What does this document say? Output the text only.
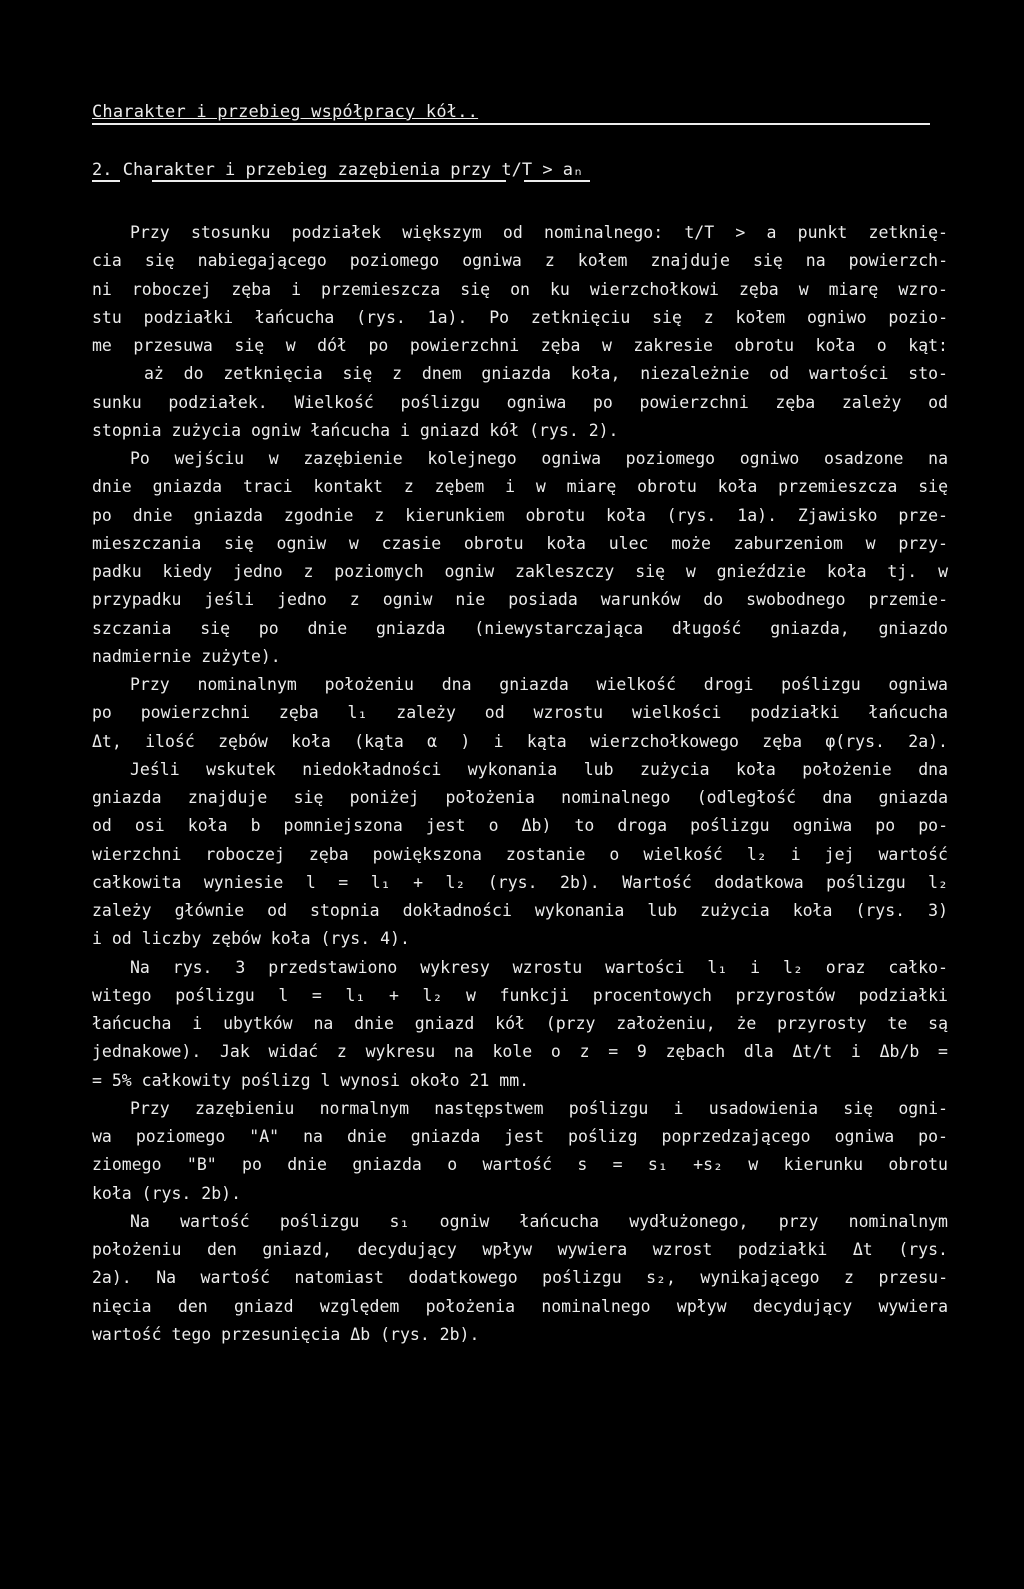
Charakter i przebieg współpracy kół..
2. Charakter i przebieg zazębienia przy t/T > aₙ
Przy stosunku podziałek większym od nominalnego: t/T > a punkt zetknię-
cia się nabiegającego poziomego ogniwa z kołem znajduje się na powierzch-
ni roboczej zęba i przemieszcza się on ku wierzchołkowi zęba w miarę wzro-
stu podziałki łańcucha (rys. 1a). Po zetknięciu się z kołem ogniwo pozio-
me przesuwa się w dół po powierzchni zęba w zakresie obrotu koła o kąt:
aż do zetknięcia się z dnem gniazda koła, niezależnie od wartości sto-
sunku podziałek. Wielkość poślizgu ogniwa po powierzchni zęba zależy od
stopnia zużycia ogniw łańcucha i gniazd kół (rys. 2).
Po wejściu w zazębienie kolejnego ogniwa poziomego ogniwo osadzone na
dnie gniazda traci kontakt z zębem i w miarę obrotu koła przemieszcza się
po dnie gniazda zgodnie z kierunkiem obrotu koła (rys. 1a). Zjawisko prze-
mieszczania się ogniw w czasie obrotu koła ulec może zaburzeniom w przy-
padku kiedy jedno z poziomych ogniw zakleszczy się w gnieździe koła tj. w
przypadku jeśli jedno z ogniw nie posiada warunków do swobodnego przemie-
szczania się po dnie gniazda (niewystarczająca długość gniazda, gniazdo
nadmiernie zużyte).
Przy nominalnym położeniu dna gniazda wielkość drogi poślizgu ogniwa
po powierzchni zęba l₁ zależy od wzrostu wielkości podziałki łańcucha
Δt, ilość zębów koła (kąta α ) i kąta wierzchołkowego zęba φ(rys. 2a).
Jeśli wskutek niedokładności wykonania lub zużycia koła położenie dna
gniazda znajduje się poniżej położenia nominalnego (odległość dna gniazda
od osi koła b pomniejszona jest o Δb) to droga poślizgu ogniwa po po-
wierzchni roboczej zęba powiększona zostanie o wielkość l₂ i jej wartość
całkowita wyniesie l = l₁ + l₂ (rys. 2b). Wartość dodatkowa poślizgu l₂
zależy głównie od stopnia dokładności wykonania lub zużycia koła (rys. 3)
i od liczby zębów koła (rys. 4).
Na rys. 3 przedstawiono wykresy wzrostu wartości l₁ i l₂ oraz całko-
witego poślizgu l = l₁ + l₂ w funkcji procentowych przyrostów podziałki
łańcucha i ubytków na dnie gniazd kół (przy założeniu, że przyrosty te są
jednakowe). Jak widać z wykresu na kole o z = 9 zębach dla Δt/t i Δb/b =
= 5% całkowity poślizg l wynosi około 21 mm.
Przy zazębieniu normalnym następstwem poślizgu i usadowienia się ogni-
wa poziomego "A" na dnie gniazda jest poślizg poprzedzającego ogniwa po-
ziomego "B" po dnie gniazda o wartość s = s₁ +s₂ w kierunku obrotu
koła (rys. 2b).
Na wartość poślizgu s₁ ogniw łańcucha wydłużonego, przy nominalnym
położeniu den gniazd, decydujący wpływ wywiera wzrost podziałki Δt (rys.
2a). Na wartość natomiast dodatkowego poślizgu s₂, wynikającego z przesu-
nięcia den gniazd względem położenia nominalnego wpływ decydujący wywiera
wartość tego przesunięcia Δb (rys. 2b).
